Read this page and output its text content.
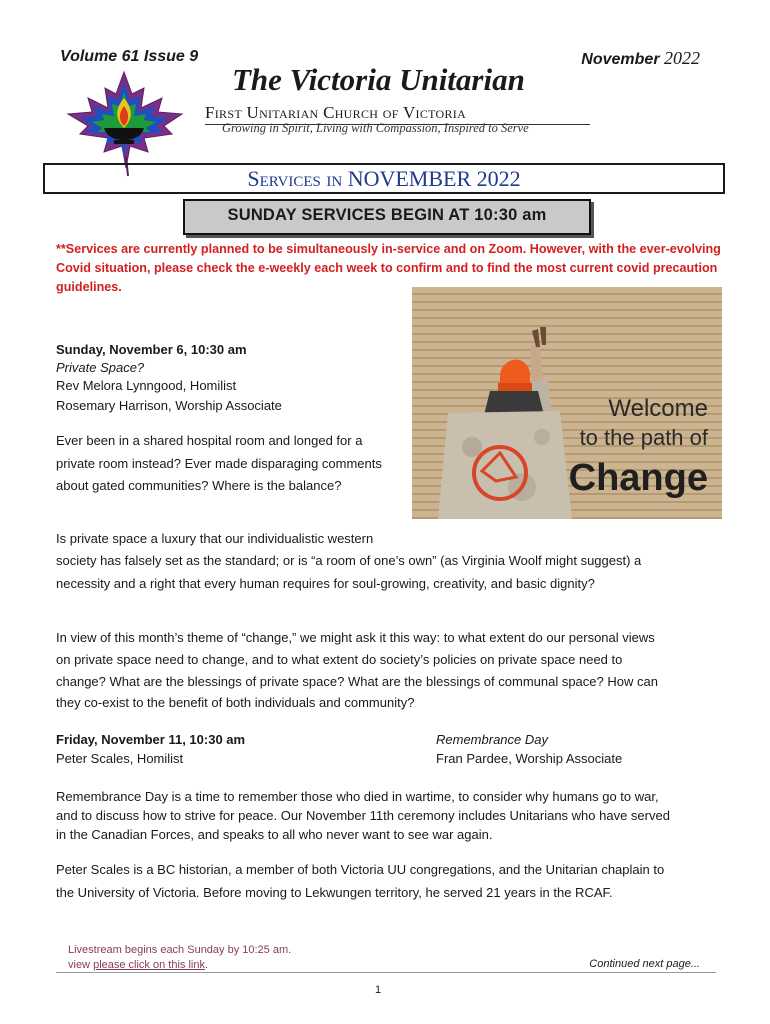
Volume 61 Issue 9	November 2022
The Victoria Unitarian
First Unitarian Church of Victoria
Growing in Spirit, Living with Compassion, Inspired to Serve
Services in NOVEMBER 2022
SUNDAY SERVICES BEGIN AT 10:30 am
**Services are currently planned to be simultaneously in-service and on Zoom. However, with the ever-evolving Covid situation, please check the e-weekly each week to confirm and to find the most current covid precaution guidelines.
Welcome
to the path of
Change
Sunday, November 6, 10:30 am
Private Space?
Rev Melora Lynngood, Homilist
Rosemary Harrison, Worship Associate
Ever been in a shared hospital room and longed for a
private room instead? Ever made disparaging comments
about gated communities? Where is the balance?
Is private space a luxury that our individualistic western
society has falsely set as the standard; or is “a room of one’s own” (as Virginia Woolf might suggest) a
necessity and a right that every human requires for soul-growing, creativity, and basic dignity?
In view of this month’s theme of “change,” we might ask it this way: to what extent do our personal views
on private space need to change, and to what extent do society’s policies on private space need to
change? What are the blessings of private space? What are the blessings of communal space? How can
they co-exist to the benefit of both individuals and community?
Friday, November 11, 10:30 am
Peter Scales, Homilist
Remembrance Day
Fran Pardee, Worship Associate
Remembrance Day is a time to remember those who died in wartime, to consider why humans go to war,
and to discuss how to strive for peace. Our November 11th ceremony includes Unitarians who have served
in the Canadian Forces, and speaks to all who never want to see war again.
Peter Scales is a BC historian, a member of both Victoria UU congregations, and the Unitarian chaplain to
the University of Victoria. Before moving to Lekwungen territory, he served 21 years in the RCAF.
Livestream begins each Sunday by 10:25 am.
view please click on this link.	Continued next page...
1
